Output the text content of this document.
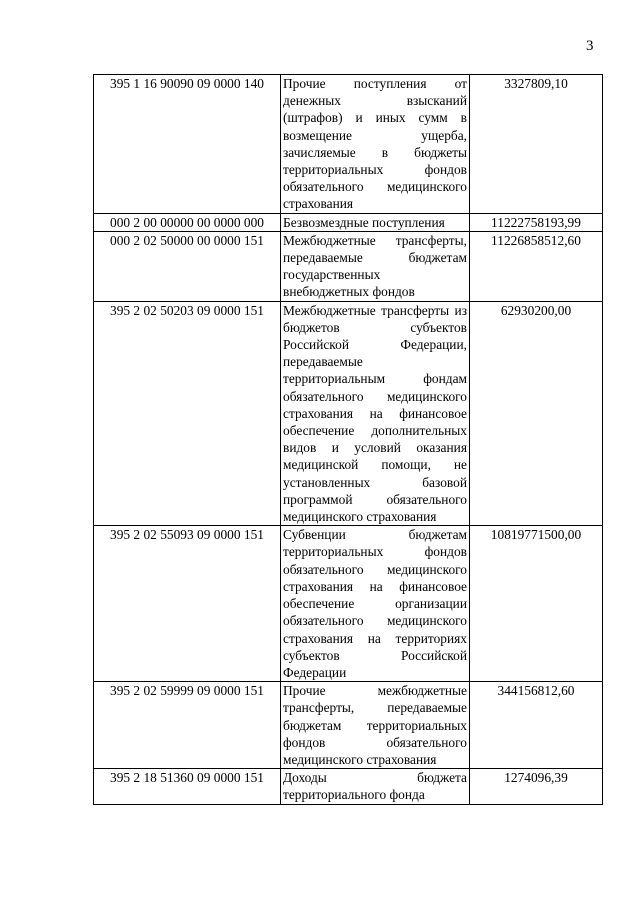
3
395 1 16 90090 09 0000 140	Прочие поступления от денежных взысканий (штрафов) и иных сумм в возмещение ущерба, зачисляемые в бюджеты территориальных фондов обязательного медицинского страхования	3327809,10
000 2 00 00000 00 0000 000	Безвозмездные поступления	11222758193,99
000 2 02 50000 00 0000 151	Межбюджетные трансферты, передаваемые бюджетам государственных внебюджетных фондов	11226858512,60
395 2 02 50203 09 0000 151	Межбюджетные трансферты из бюджетов субъектов Российской Федерации, передаваемые территориальным фондам обязательного медицинского страхования на финансовое обеспечение дополнительных видов и условий оказания медицинской помощи, не установленных базовой программой обязательного медицинского страхования	62930200,00
395 2 02 55093 09 0000 151	Субвенции бюджетам территориальных фондов обязательного медицинского страхования на финансовое обеспечение организации обязательного медицинского страхования на территориях субъектов Российской Федерации	10819771500,00
395 2 02 59999 09 0000 151	Прочие межбюджетные трансферты, передаваемые бюджетам территориальных фондов обязательного медицинского страхования	344156812,60
395 2 18 51360 09 0000 151	Доходы бюджета территориального фонда	1274096,39
